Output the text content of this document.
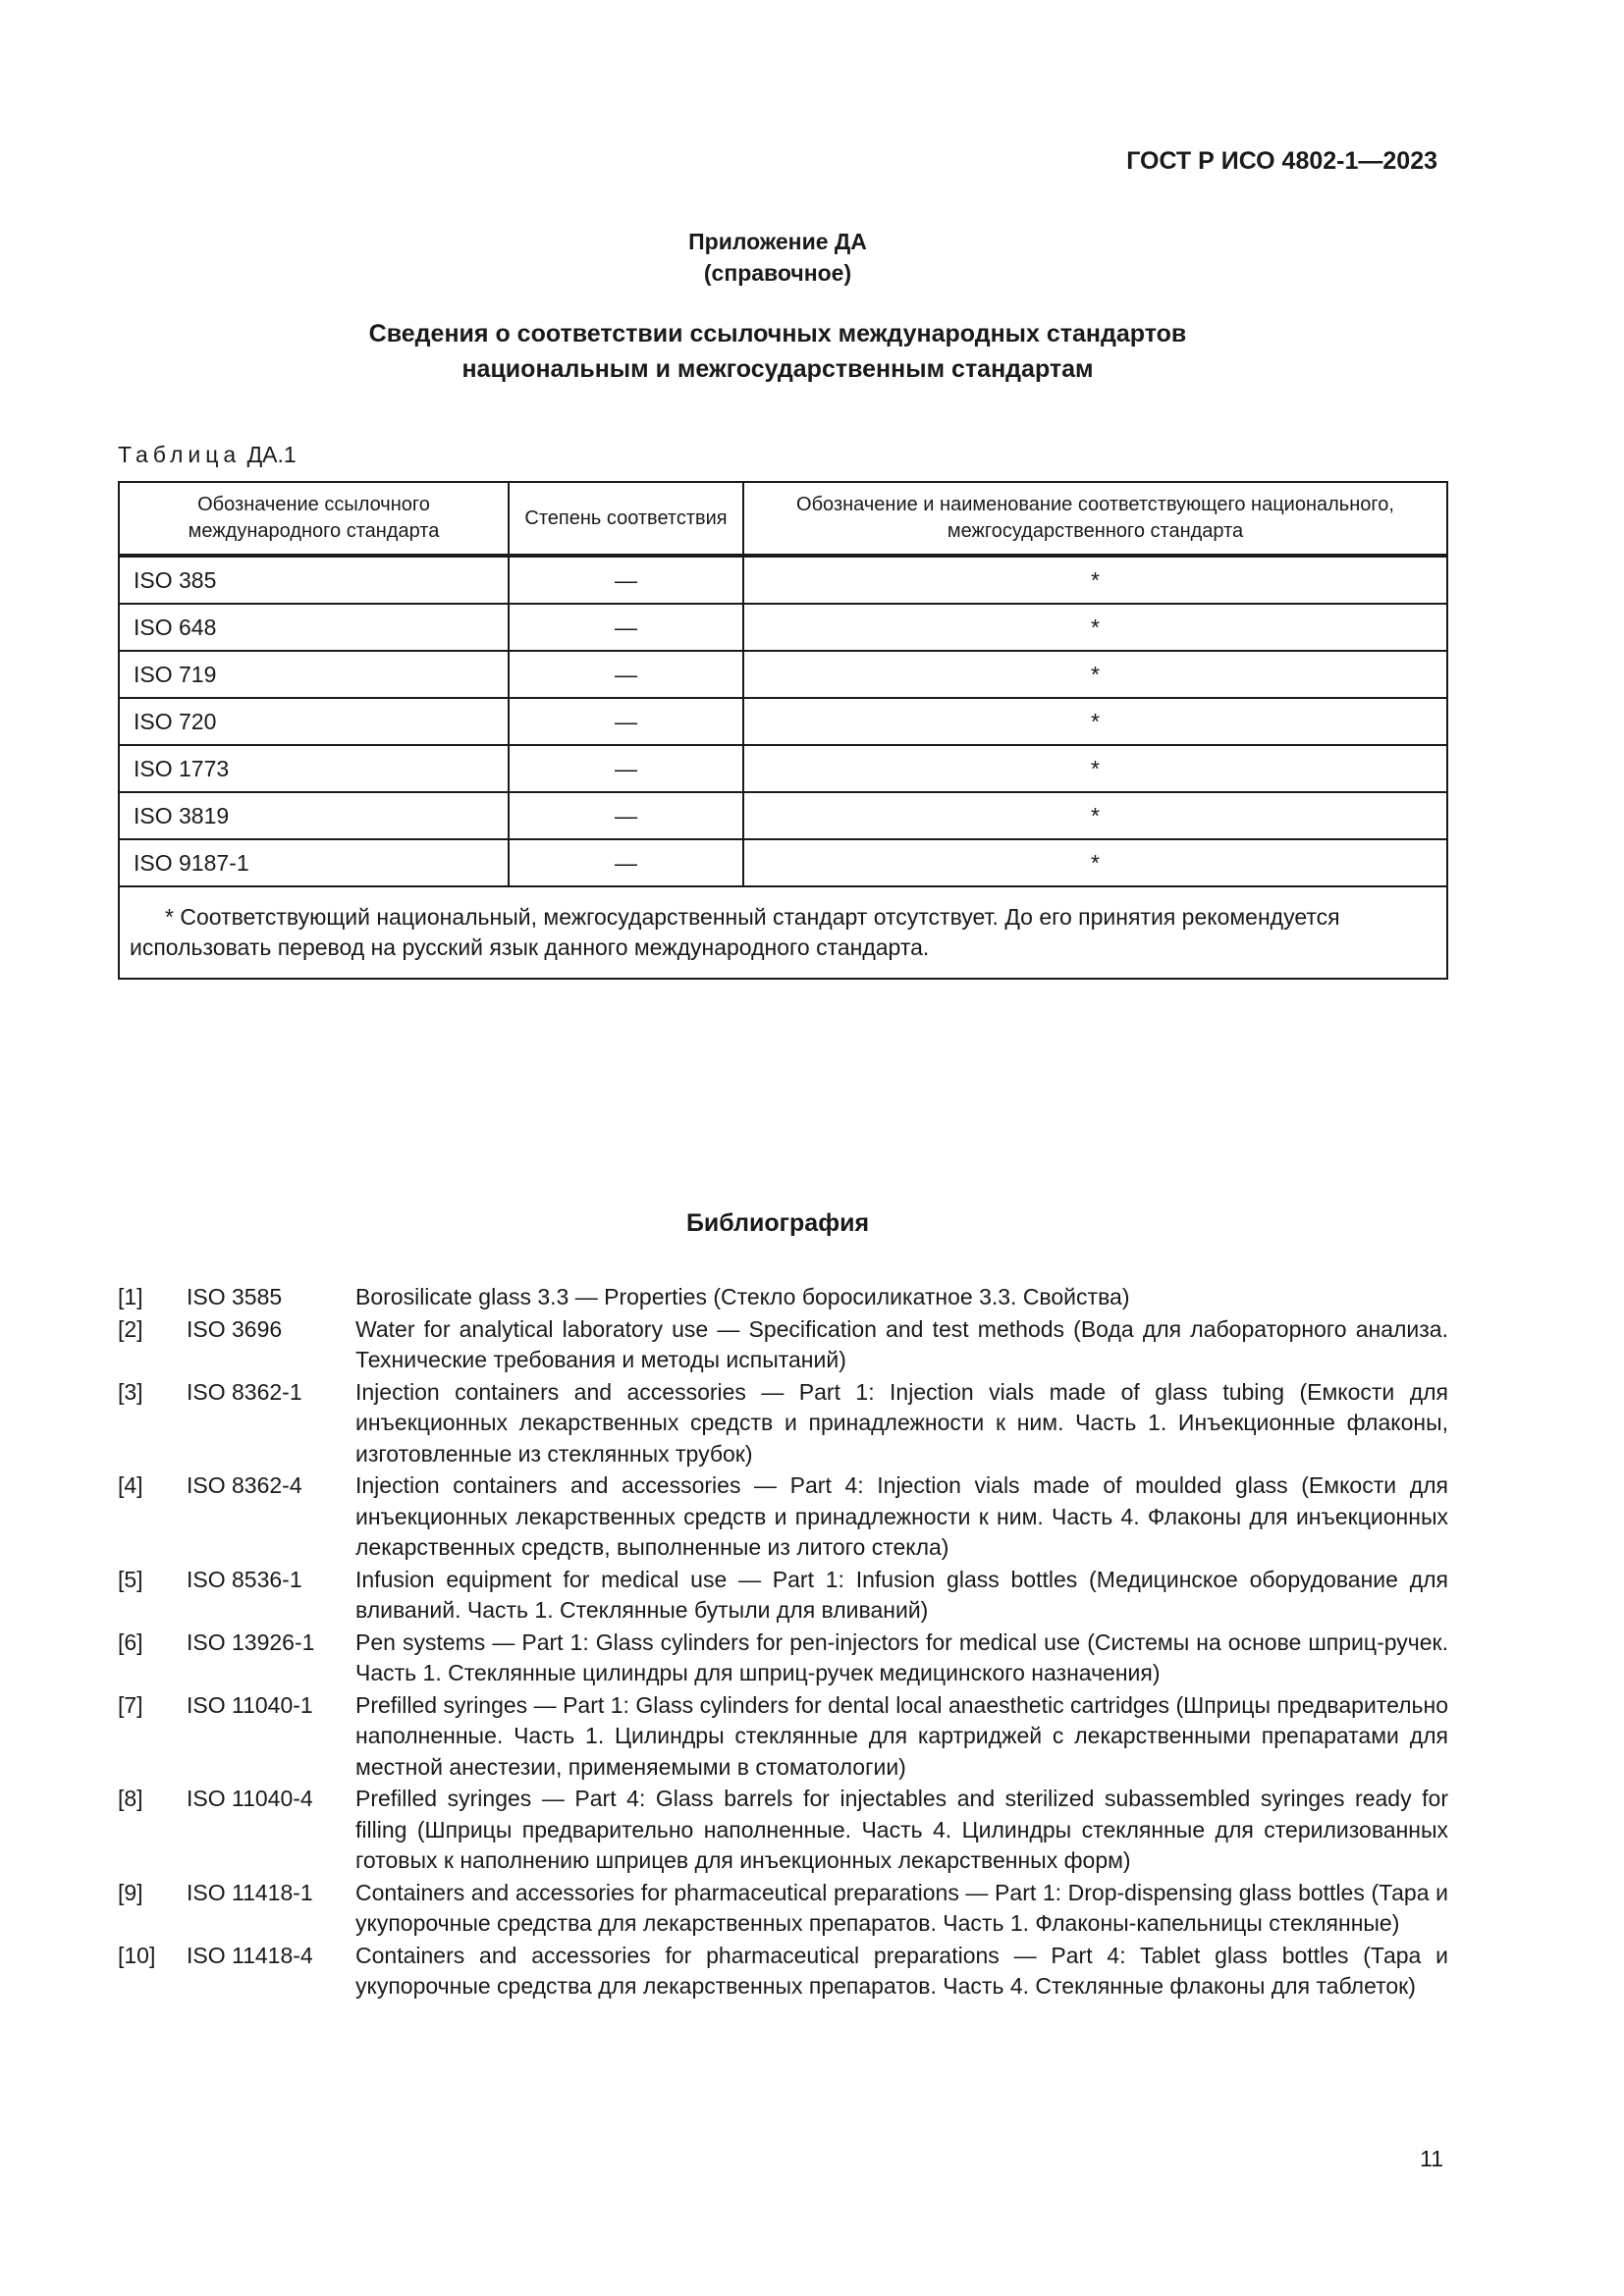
ГОСТ Р ИСО 4802-1—2023
Приложение ДА
(справочное)
Сведения о соответствии ссылочных международных стандартов
национальным и межгосударственным стандартам
Таблица ДА.1
Обозначение ссылочного международного стандарта	Степень соответствия	Обозначение и наименование соответствующего национального, межгосударственного стандарта
ISO 385	—	*
ISO 648	—	*
ISO 719	—	*
ISO 720	—	*
ISO 1773	—	*
ISO 3819	—	*
ISO 9187-1	—	*
* Соответствующий национальный, межгосударственный стандарт отсутствует. До его принятия рекомендуется использовать перевод на русский язык данного международного стандарта.		
Библиография
[1]	ISO 3585	Borosilicate glass 3.3 — Properties (Стекло боросиликатное 3.3. Свойства)
[2]	ISO 3696	Water for analytical laboratory use — Specification and test methods (Вода для лабораторного анализа. Технические требования и методы испытаний)
[3]	ISO 8362-1	Injection containers and accessories — Part 1: Injection vials made of glass tubing (Емкости для инъекционных лекарственных средств и принадлежности к ним. Часть 1. Инъекционные флаконы, изготовленные из стеклянных трубок)
[4]	ISO 8362-4	Injection containers and accessories — Part 4: Injection vials made of moulded glass (Емкости для инъекционных лекарственных средств и принадлежности к ним. Часть 4. Флаконы для инъекционных лекарственных средств, выполненные из литого стекла)
[5]	ISO 8536-1	Infusion equipment for medical use — Part 1: Infusion glass bottles (Медицинское оборудование для вливаний. Часть 1. Стеклянные бутыли для вливаний)
[6]	ISO 13926-1	Pen systems — Part 1: Glass cylinders for pen-injectors for medical use (Системы на основе шприц-ручек. Часть 1. Стеклянные цилиндры для шприц-ручек медицинского назначения)
[7]	ISO 11040-1	Prefilled syringes — Part 1: Glass cylinders for dental local anaesthetic cartridges (Шприцы предварительно наполненные. Часть 1. Цилиндры стеклянные для картриджей с лекарственными препаратами для местной анестезии, применяемыми в стоматологии)
[8]	ISO 11040-4	Prefilled syringes — Part 4: Glass barrels for injectables and sterilized subassembled syringes ready for filling (Шприцы предварительно наполненные. Часть 4. Цилиндры стеклянные для стерилизованных готовых к наполнению шприцев для инъекционных лекарственных форм)
[9]	ISO 11418-1	Containers and accessories for pharmaceutical preparations — Part 1: Drop-dispensing glass bottles (Тара и укупорочные средства для лекарственных препаратов. Часть 1. Флаконы-капельницы стеклянные)
[10]	ISO 11418-4	Containers and accessories for pharmaceutical preparations — Part 4: Tablet glass bottles (Тара и укупорочные средства для лекарственных препаратов. Часть 4. Стеклянные флаконы для таблеток)
11
